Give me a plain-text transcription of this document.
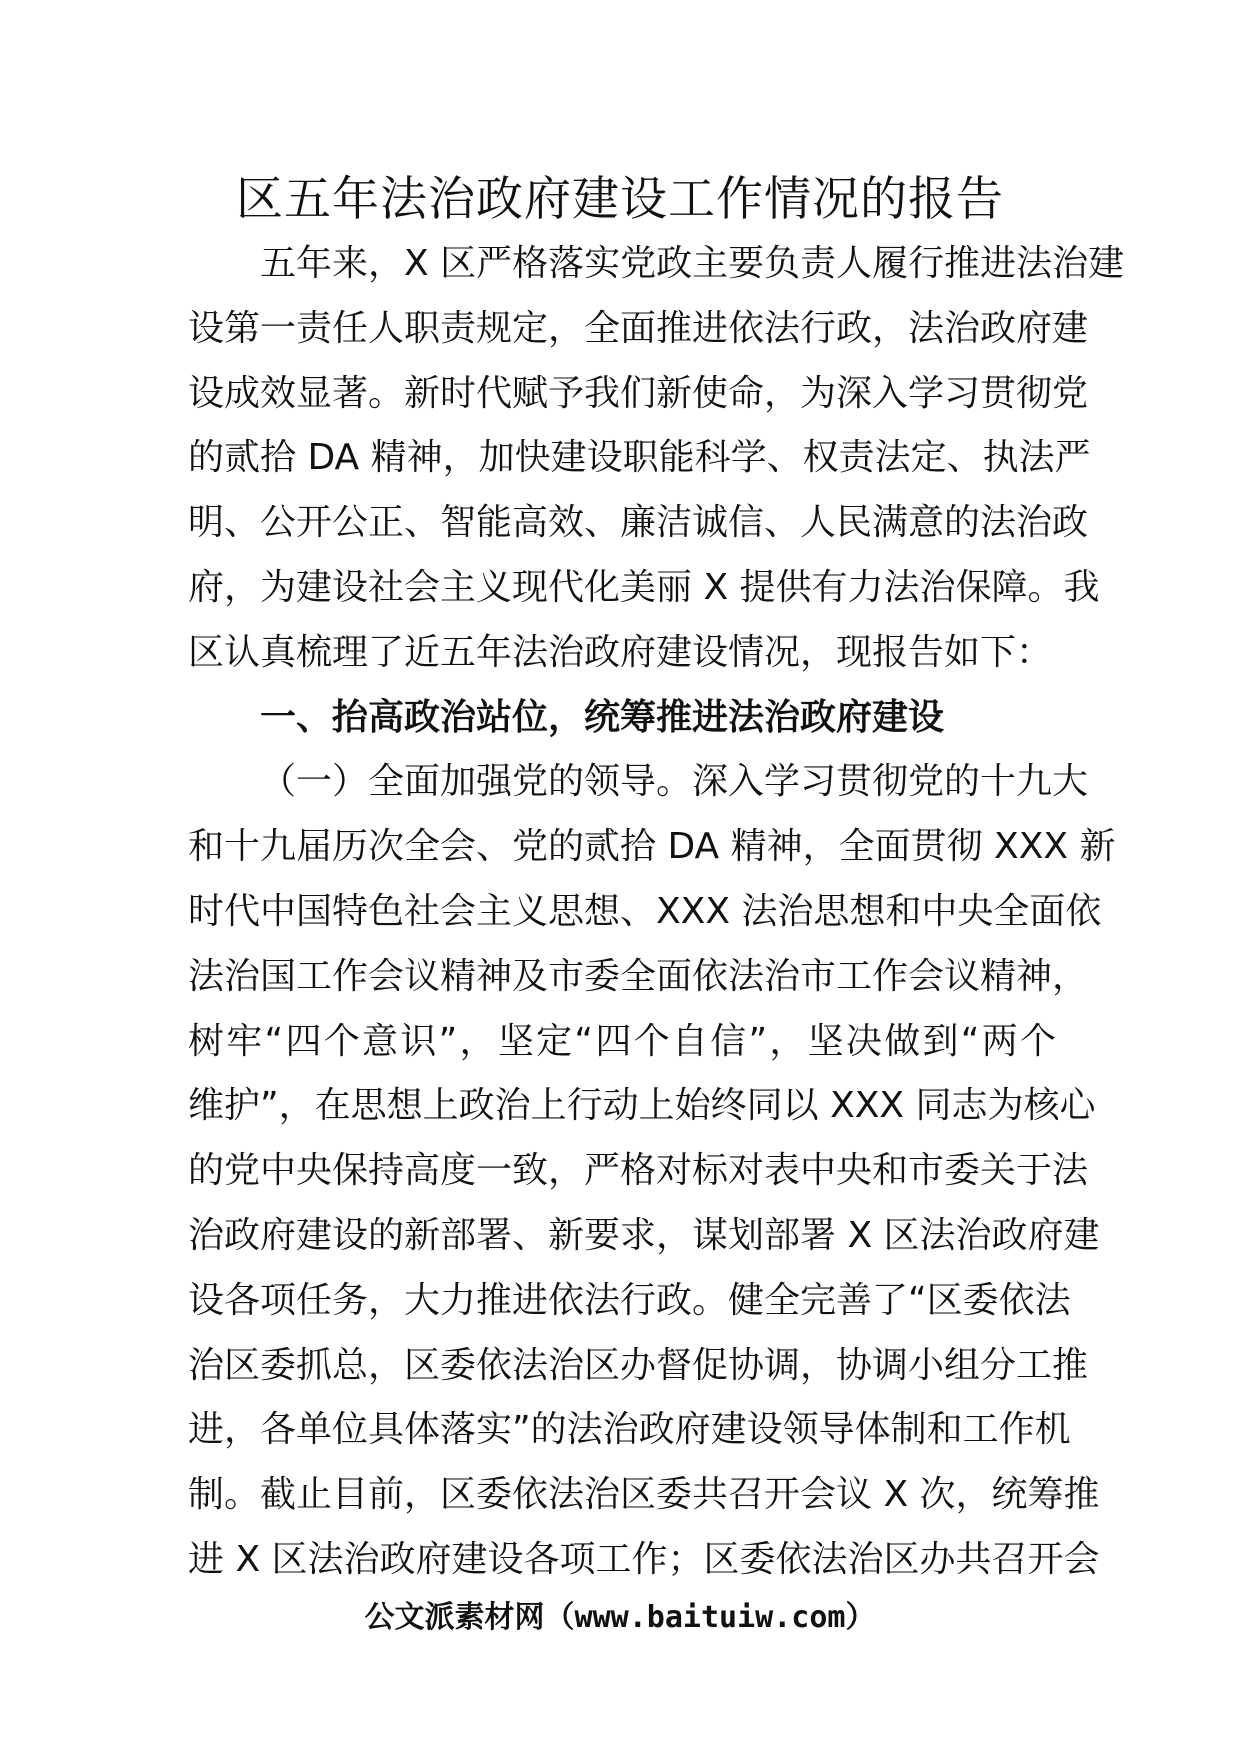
区五年法治政府建设工作情况的报告
五年来，X 区严格落实党政主要负责人履行推进法治建
设第一责任人职责规定，全面推进依法行政，法治政府建
设成效显著。新时代赋予我们新使命，为深入学习贯彻党
的贰拾 DA 精神，加快建设职能科学、权责法定、执法严
明、公开公正、智能高效、廉洁诚信、人民满意的法治政
府，为建设社会主义现代化美丽 X 提供有力法治保障。我
区认真梳理了近五年法治政府建设情况，现报告如下：
一、抬高政治站位，统筹推进法治政府建设
（一）全面加强党的领导。深入学习贯彻党的十九大
和十九届历次全会、党的贰拾 DA 精神，全面贯彻 XXX 新
时代中国特色社会主义思想、XXX 法治思想和中央全面依
法治国工作会议精神及市委全面依法治市工作会议精神，
树牢“四个意识”，坚定“四个自信”，坚决做到“两个
维护”，在思想上政治上行动上始终同以 XXX 同志为核心
的党中央保持高度一致，严格对标对表中央和市委关于法
治政府建设的新部署、新要求，谋划部署 X 区法治政府建
设各项任务，大力推进依法行政。健全完善了“区委依法
治区委抓总，区委依法治区办督促协调，协调小组分工推
进，各单位具体落实”的法治政府建设领导体制和工作机
制。截止目前，区委依法治区委共召开会议 X 次，统筹推
进 X 区法治政府建设各项工作；区委依法治区办共召开会
公文派素材网（www.baituiw.com）
